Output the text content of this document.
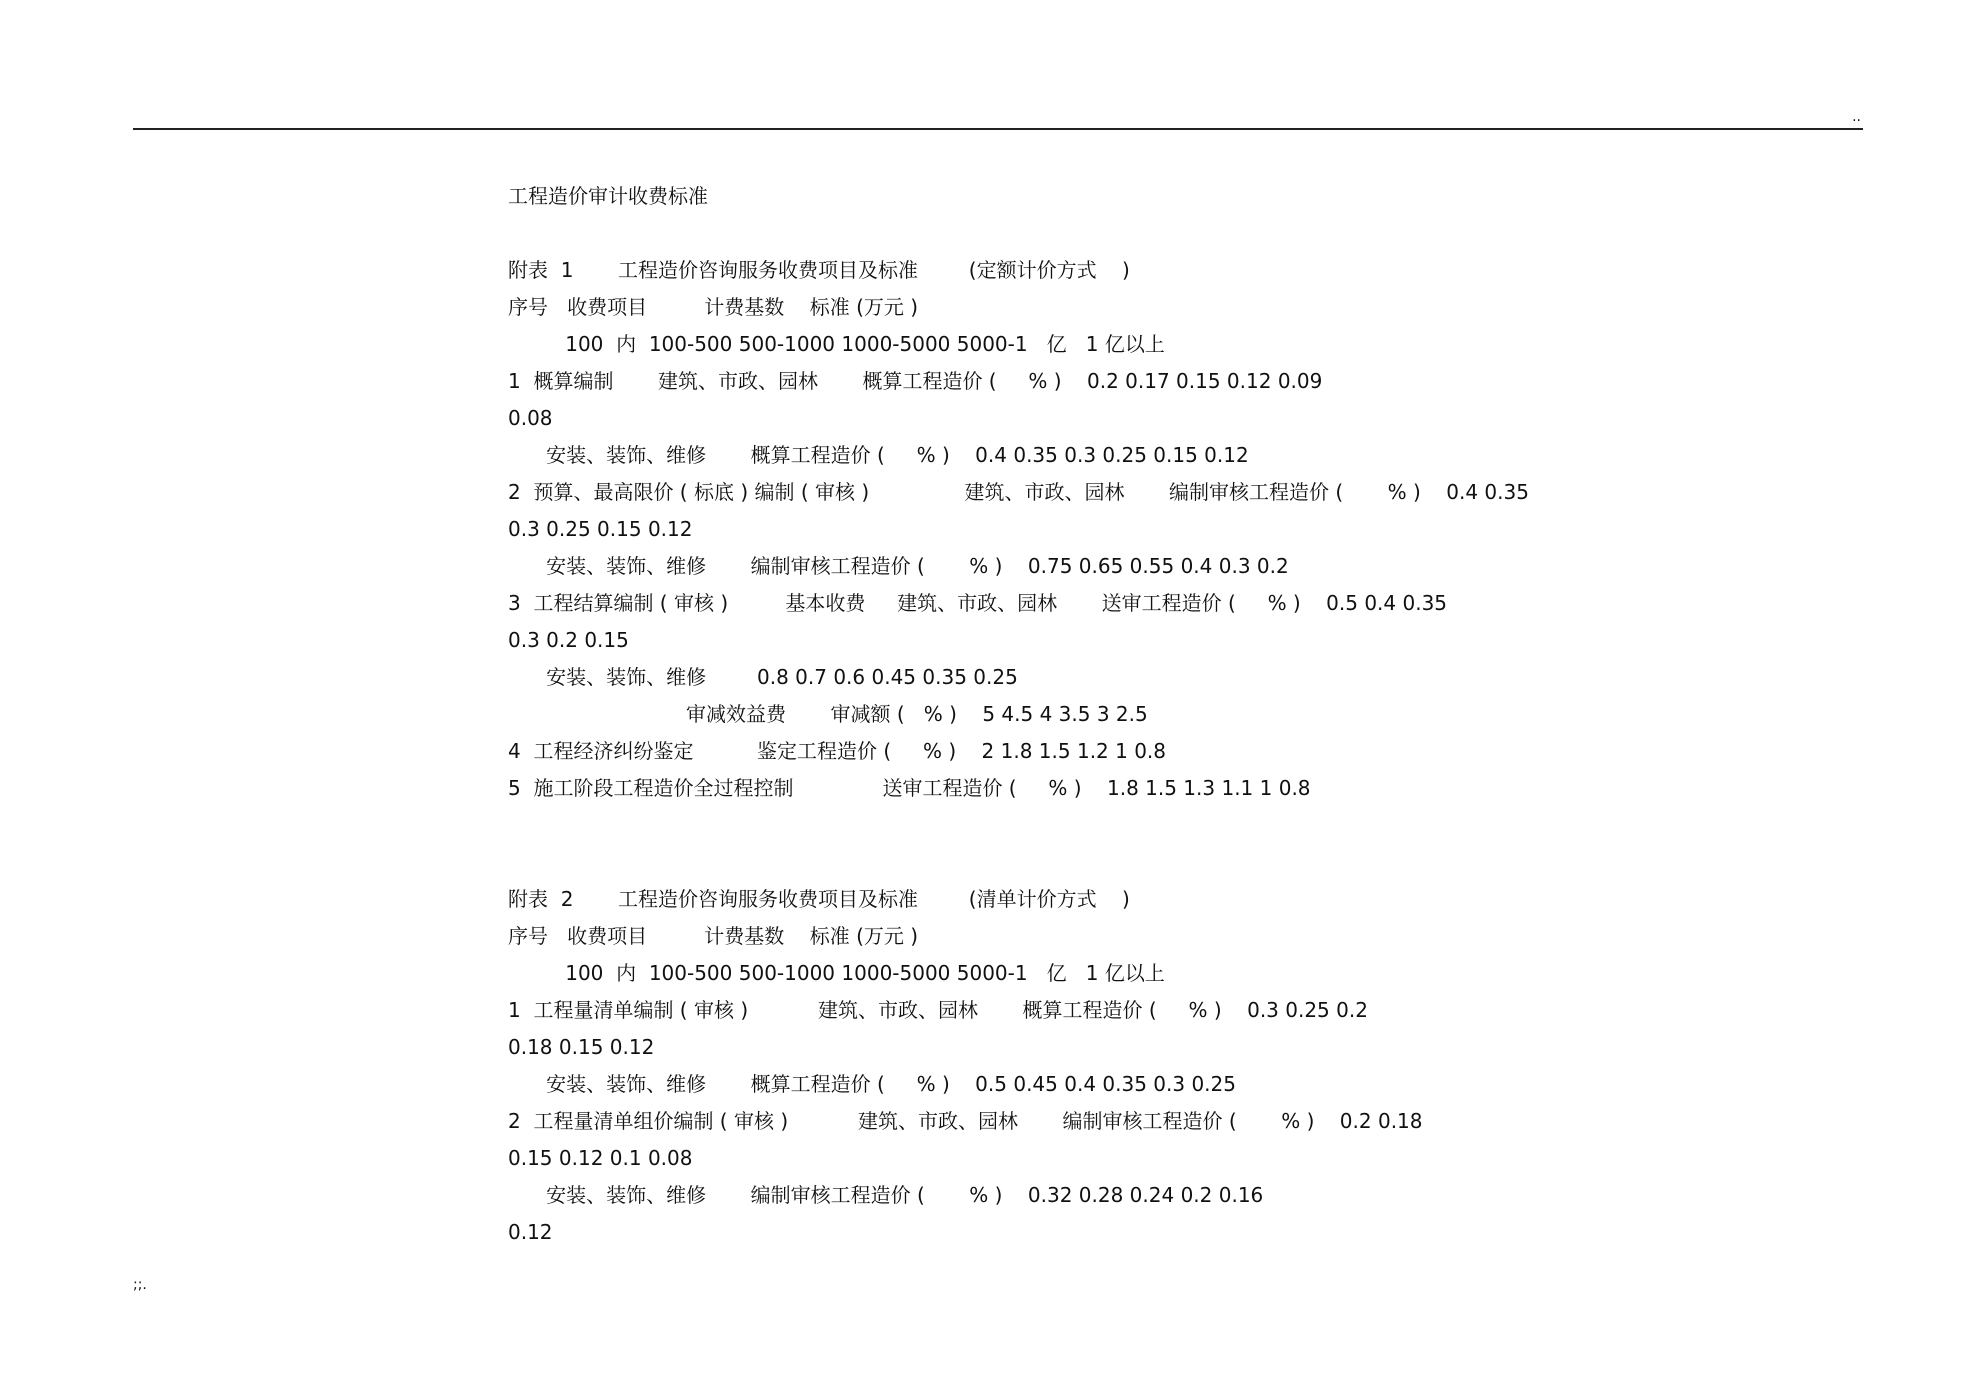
..
工程造价审计收费标准
附表  1       工程造价咨询服务收费项目及标准        (定额计价方式    )
序号   收费项目         计费基数    标准 (万元 )
100  内  100-500 500-1000 1000-5000 5000-1   亿   1 亿以上
1  概算编制       建筑、市政、园林       概算工程造价 (     % )    0.2 0.17 0.15 0.12 0.09
0.08
安装、装饰、维修       概算工程造价 (     % )    0.4 0.35 0.3 0.25 0.15 0.12
2  预算、最高限价 ( 标底 ) 编制 ( 审核 )               建筑、市政、园林       编制审核工程造价 (       % )    0.4 0.35
0.3 0.25 0.15 0.12
安装、装饰、维修       编制审核工程造价 (       % )    0.75 0.65 0.55 0.4 0.3 0.2
3  工程结算编制 ( 审核 )         基本收费     建筑、市政、园林       送审工程造价 (     % )    0.5 0.4 0.35
0.3 0.2 0.15
安装、装饰、维修        0.8 0.7 0.6 0.45 0.35 0.25
审减效益费       审减额 (   % )    5 4.5 4 3.5 3 2.5
4  工程经济纠纷鉴定          鉴定工程造价 (     % )    2 1.8 1.5 1.2 1 0.8
5  施工阶段工程造价全过程控制              送审工程造价 (     % )    1.8 1.5 1.3 1.1 1 0.8
附表  2       工程造价咨询服务收费项目及标准        (清单计价方式    )
序号   收费项目         计费基数    标准 (万元 )
100  内  100-500 500-1000 1000-5000 5000-1   亿   1 亿以上
1  工程量清单编制 ( 审核 )           建筑、市政、园林       概算工程造价 (     % )    0.3 0.25 0.2
0.18 0.15 0.12
安装、装饰、维修       概算工程造价 (     % )    0.5 0.45 0.4 0.35 0.3 0.25
2  工程量清单组价编制 ( 审核 )           建筑、市政、园林       编制审核工程造价 (       % )    0.2 0.18
0.15 0.12 0.1 0.08
安装、装饰、维修       编制审核工程造价 (       % )    0.32 0.28 0.24 0.2 0.16
0.12
;;.
